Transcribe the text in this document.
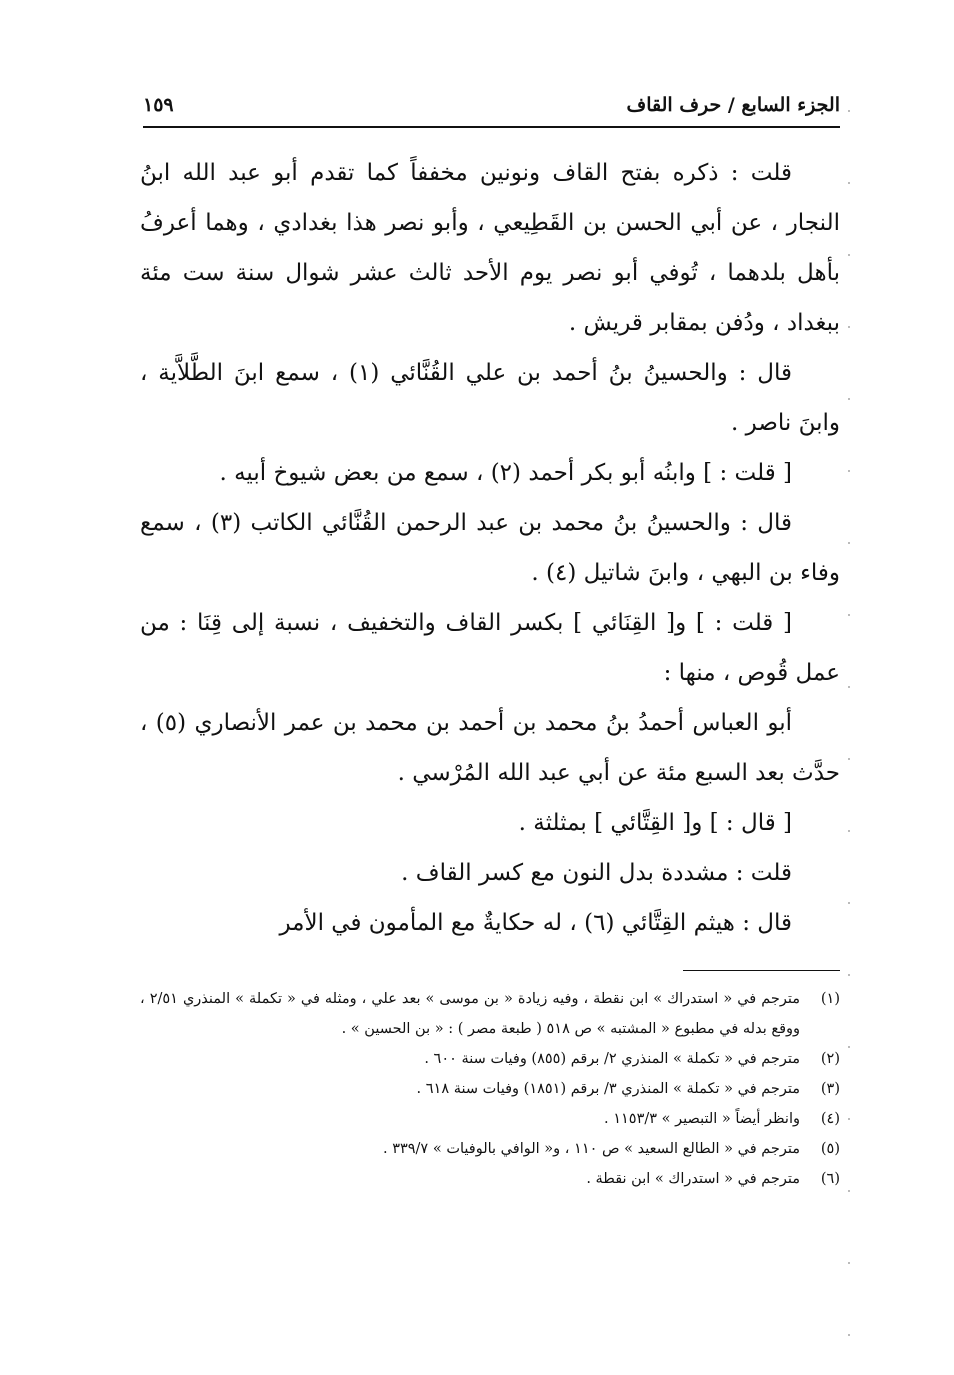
الجزء السابع / حرف القاف
١٥٩

قلت : ذكره بفتح القاف ونونين مخففاً كما تقدم أبو عبد الله ابنُ النجار ، عن أبي الحسن بن القَطِيعي ، وأبو نصر هذا بغدادي ، وهما أعرفُ بأهل بلدهما ، تُوفي أبو نصر يوم الأحد ثالث عشر شوال سنة ست مئة ببغداد ، ودُفن بمقابر قريش .

قال : والحسينُ بنُ أحمد بن علي القُنَّائي (١) ، سمع ابنَ الطَّلاَّية ، وابنَ ناصر .

[ قلت : ] وابنُه أبو بكر أحمد (٢) ، سمع من بعض شيوخ أبيه .

قال : والحسينُ بنُ محمد بن عبد الرحمن القُنَّائي الكاتب (٣) ، سمع وفاء بن البهي ، وابنَ شاتيل (٤) .

[ قلت : ] و[ القِنَائي ] بكسر القاف والتخفيف ، نسبة إلى قِنَا : من عمل قُوص ، منها :

أبو العباس أحمدُ بنُ محمد بن أحمد بن محمد بن عمر الأنصاري (٥) ، حدَّث بعد السبع مئة عن أبي عبد الله المُرْسي .

[ قال : ] و[ القِتَّائي ] بمثلثة .

قلت : مشددة بدل النون مع كسر القاف .

قال : هيثم القِتَّائي (٦) ، له حكايةٌ مع المأمون في الأمر

(١)
مترجم في « استدراك » ابن نقطة ، وفيه زيادة « بن موسى » بعد علي ، ومثله في « تكملة » المنذري ٢/٥١ ، ووقع بدله في مطبوع « المشتبه » ص ٥١٨ ( طبعة مصر ) : « بن الحسين » .
(٢)
مترجم في « تكملة » المنذري ٢/ برقم (٨٥٥) وفيات سنة ٦٠٠ .
(٣)
مترجم في « تكملة » المنذري ٣/ برقم (١٨٥١) وفيات سنة ٦١٨ .
(٤)
وانظر أيضاً « التبصير » ١١٥٣/٣ .
(٥)
مترجم في « الطالع السعيد » ص ١١٠ ، و« الوافي بالوفيات » ٣٣٩/٧ .
(٦)
مترجم في « استدراك » ابن نقطة .
